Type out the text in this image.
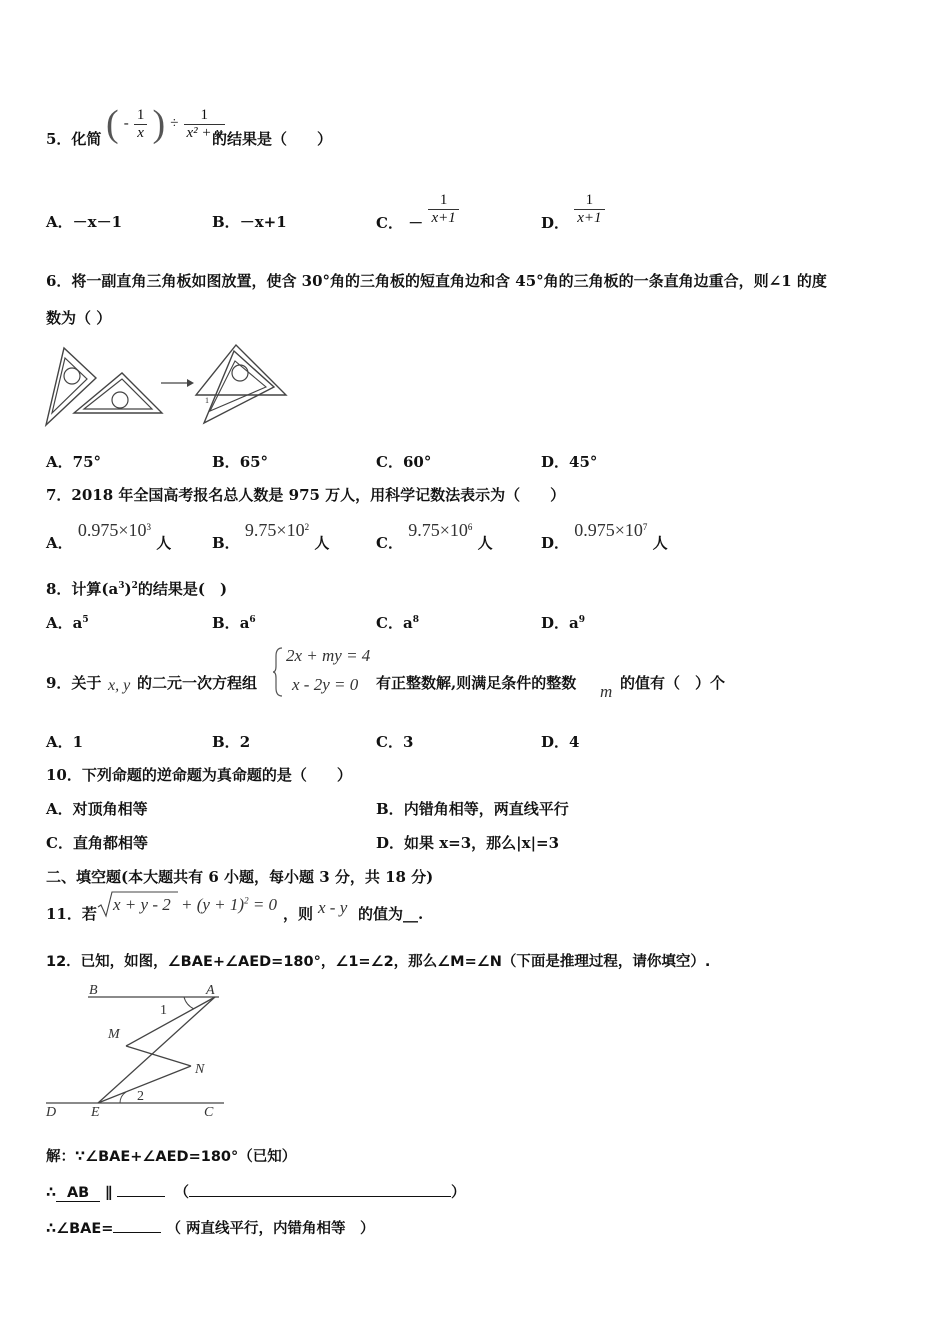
5．化简 ( - $\frac{1}{x}$ ) ÷ $\frac{1}{\text{x² + x}}$
的结果是（　　）
A．－x－1	B．－x+1	C． － $\frac{1}{x+1}$	D． $\frac{1}{x+1}$
6．将一副直角三角板如图放置，使含 30°角的三角板的短直角边和含 45°角的三角板的一条直角边重合，则∠1 的度
数为（ ）
1
A．75°	B．65°	C．60°	D．45°
7．2018 年全国高考报名总人数是 975 万人，用科学记数法表示为（　　）
A． $0.975\times 10^3$ 人	B． $9.75\times 10^2$ 人	C． $9.75\times 10^6$ 人	D． $0.975\times 10^7$ 人
8．计算$(a^3)^2$的结果是(　)
A．$a^5$	B．$a^6$	C．$a^8$	D．$a^9$
9．关于 x, y 的二元一次方程组
2x + my = 4
x - 2y = 0 有正整数解,则满足条件的整数 m 的值有（　）个
A．1	B．2	C．3	D．4
10．下列命题的逆命题为真命题的是（　　）
A．对顶角相等	B．内错角相等，两直线平行
C．直角都相等	D．如果 x=3，那么|x|=3
二、填空题(本大题共有 6 小题，每小题 3 分，共 18 分)
11．若 $x + y - 2 + (y + 1)^2 = 0$ ，则 x - y 的值为__.
12．已知，如图，∠BAE+∠AED=180°，∠1=∠2，那么∠M=∠N（下面是推理过程，请你填空）.
B	A
1
M
N
2
D E	C
解：∵∠BAE+∠AED=180°（已知）
∴ AB ∥	（	）
∴∠BAE=	（ 两直线平行，内错角相等　）
